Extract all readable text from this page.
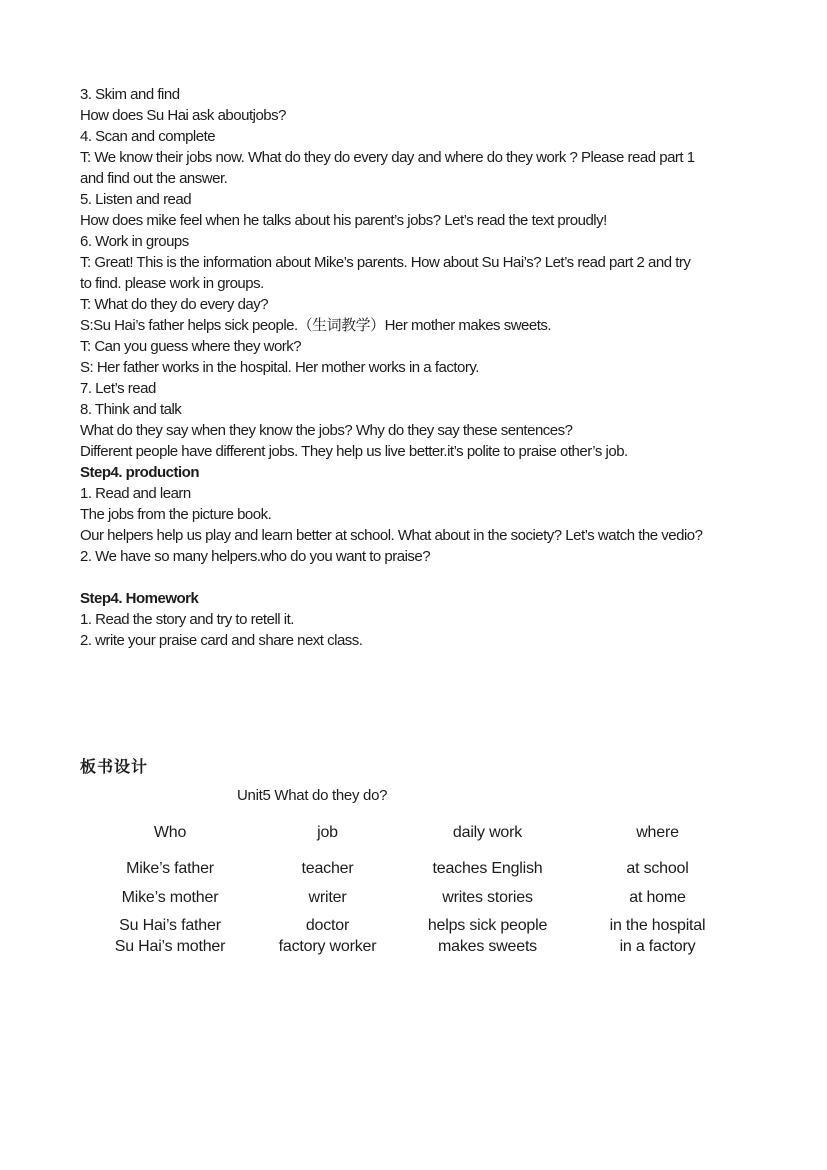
3. Skim and find
How does Su Hai ask aboutjobs?
4. Scan and complete
T: We know their jobs now. What do they do every day and where do they work ? Please read part 1
and find out the answer.
5. Listen and read
How does mike feel when he talks about his parent’s jobs? Let’s read the text proudly!
6. Work in groups
T: Great! This is the information about Mike’s parents. How about Su Hai’s? Let’s read part 2 and try
to find. please work in groups.
T: What do they do every day?
S:Su Hai’s father helps sick people.（生词教学）Her mother makes sweets.
T: Can you guess where they work?
S: Her father works in the hospital. Her mother works in a factory.
7. Let’s read
8. Think and talk
What do they say when they know the jobs? Why do they say these sentences?
Different people have different jobs. They help us live better.it’s polite to praise other’s job.
Step4. production
1. Read and learn
The jobs from the picture book.
Our helpers help us play and learn better at school. What about in the society? Let’s watch the vedio?
2. We have so many helpers.who do you want to praise?
Step4. Homework
1. Read the story and try to retell it.
2. write your praise card and share next class.
板书设计
Unit5 What do they do?
Who	job	daily work	where
Mike’s father	teacher	teaches English	at school
Mike’s mother	writer	writes stories	at home
Su Hai’s father	doctor	helps sick people	in the hospital
Su Hai’s mother	factory worker	makes sweets	in a factory
